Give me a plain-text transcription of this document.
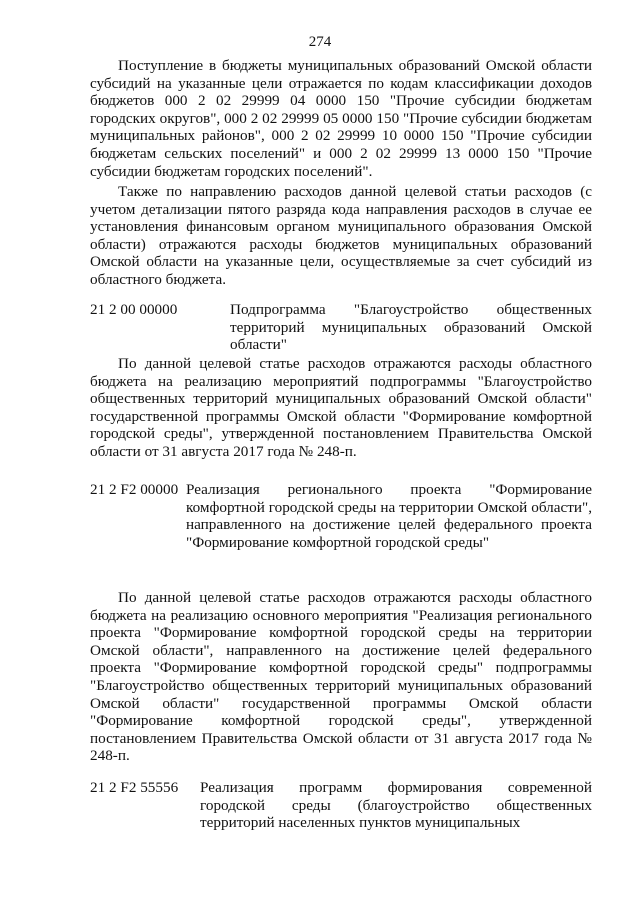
274

Поступление в бюджеты муниципальных образований Омской области субсидий на указанные цели отражается по кодам классификации доходов бюджетов 000 2 02 29999 04 0000 150 "Прочие субсидии бюджетам городских округов", 000 2 02 29999 05 0000 150 "Прочие субсидии бюджетам муниципальных районов", 000 2 02 29999 10 0000 150 "Прочие субсидии бюджетам сельских поселений" и 000 2 02 29999 13 0000 150 "Прочие субсидии бюджетам городских поселений".

Также по направлению расходов данной целевой статьи расходов (с учетом детализации пятого разряда кода направления расходов в случае ее установления финансовым органом муниципального образования Омской области) отражаются расходы бюджетов муниципальных образований Омской области на указанные цели, осуществляемые за счет субсидий из областного бюджета.

21 2 00 00000	Подпрограмма "Благоустройство общественных территорий муниципальных образований Омской области"

По данной целевой статье расходов отражаются расходы областного бюджета на реализацию мероприятий подпрограммы "Благоустройство общественных территорий муниципальных образований Омской области" государственной программы Омской области "Формирование комфортной городской среды", утвержденной постановлением Правительства Омской области от 31 августа 2017 года № 248-п.

21 2 F2 00000 Реализация регионального проекта "Формирование комфортной городской среды на территории Омской области", направленного на достижение целей федерального проекта "Формирование комфортной городской среды"

По данной целевой статье расходов отражаются расходы областного бюджета на реализацию основного мероприятия "Реализация регионального проекта "Формирование комфортной городской среды на территории Омской области", направленного на достижение целей федерального проекта "Формирование комфортной городской среды" подпрограммы "Благоустройство общественных территорий муниципальных образований Омской области" государственной программы Омской области "Формирование комфортной городской среды", утвержденной постановлением Правительства Омской области от 31 августа 2017 года № 248-п.

21 2 F2 55556 Реализация программ формирования современной городской среды (благоустройство общественных территорий населенных пунктов муниципальных
